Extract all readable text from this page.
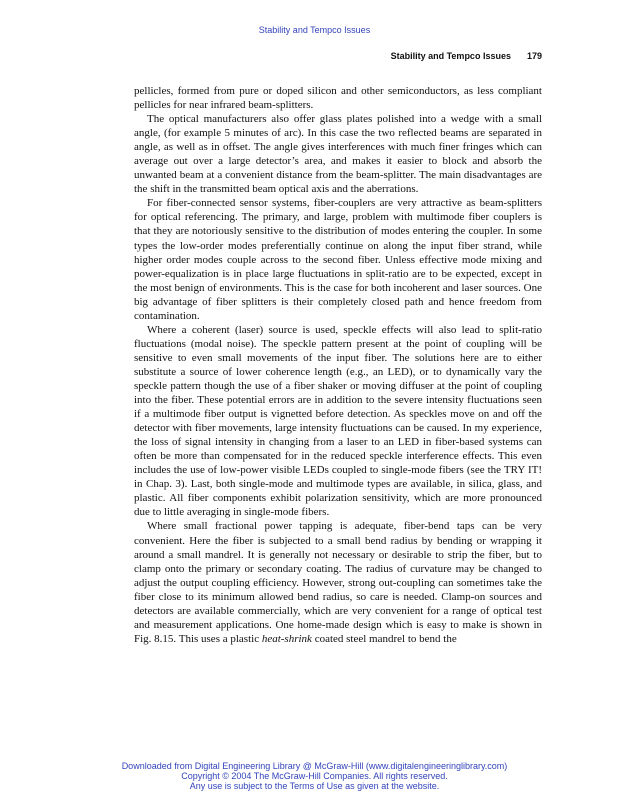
Stability and Tempco Issues
Stability and Tempco Issues 179

pellicles, formed from pure or doped silicon and other semiconductors, as less compliant pellicles for near infrared beam-splitters.

The optical manufacturers also offer glass plates polished into a wedge with a small angle, (for example 5 minutes of arc). In this case the two reflected beams are separated in angle, as well as in offset. The angle gives interferences with much finer fringes which can average out over a large detector’s area, and makes it easier to block and absorb the unwanted beam at a convenient distance from the beam-splitter. The main disadvantages are the shift in the transmitted beam optical axis and the aberrations.

For fiber-connected sensor systems, fiber-couplers are very attractive as beam-splitters for optical referencing. The primary, and large, problem with multimode fiber couplers is that they are notoriously sensitive to the distribution of modes entering the coupler. In some types the low-order modes preferentially continue on along the input fiber strand, while higher order modes couple across to the second fiber. Unless effective mode mixing and power-equalization is in place large fluctuations in split-ratio are to be expected, except in the most benign of environments. This is the case for both incoherent and laser sources. One big advantage of fiber splitters is their completely closed path and hence freedom from contamination.

Where a coherent (laser) source is used, speckle effects will also lead to split-ratio fluctuations (modal noise). The speckle pattern present at the point of coupling will be sensitive to even small movements of the input fiber. The solutions here are to either substitute a source of lower coherence length (e.g., an LED), or to dynamically vary the speckle pattern though the use of a fiber shaker or moving diffuser at the point of coupling into the fiber. These potential errors are in addition to the severe intensity fluctuations seen if a multimode fiber output is vignetted before detection. As speckles move on and off the detector with fiber movements, large intensity fluctuations can be caused. In my experience, the loss of signal intensity in changing from a laser to an LED in fiber-based systems can often be more than compensated for in the reduced speckle interference effects. This even includes the use of low-power visible LEDs coupled to single-mode fibers (see the TRY IT! in Chap. 3). Last, both single-mode and multimode types are available, in silica, glass, and plastic. All fiber components exhibit polarization sensitivity, which are more pronounced due to little averaging in single-mode fibers.

Where small fractional power tapping is adequate, fiber-bend taps can be very convenient. Here the fiber is subjected to a small bend radius by bending or wrapping it around a small mandrel. It is generally not necessary or desirable to strip the fiber, but to clamp onto the primary or secondary coating. The radius of curvature may be changed to adjust the output coupling efficiency. However, strong out-coupling can sometimes take the fiber close to its minimum allowed bend radius, so care is needed. Clamp-on sources and detectors are available commercially, which are very convenient for a range of optical test and measurement applications. One home-made design which is easy to make is shown in Fig. 8.15. This uses a plastic heat-shrink coated steel mandrel to bend the

Downloaded from Digital Engineering Library @ McGraw-Hill (www.digitalengineeringlibrary.com)
Copyright © 2004 The McGraw-Hill Companies. All rights reserved.
Any use is subject to the Terms of Use as given at the website.
